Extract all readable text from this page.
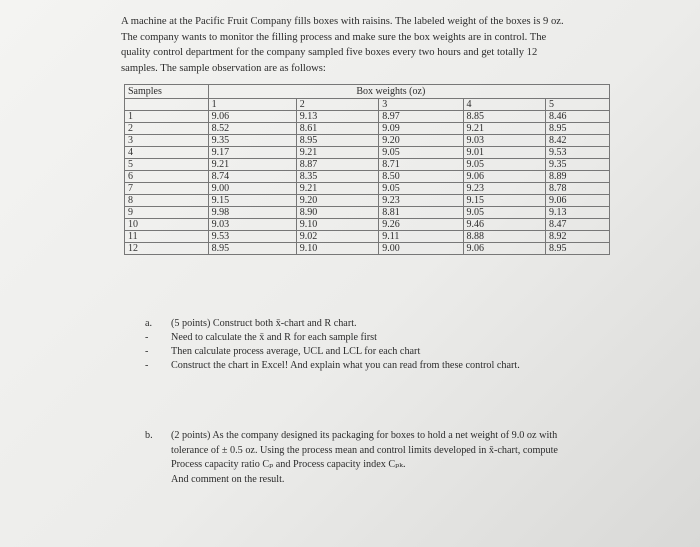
A machine at the Pacific Fruit Company fills boxes with raisins. The labeled weight of the boxes is 9 oz.
The company wants to monitor the filling process and make sure the box weights are in control. The
quality control department for the company sampled five boxes every two hours and get totally 12
samples. The sample observation are as follows:
Samples	Box weights (oz)				
	1	2	3	4	5
1	9.06	9.13	8.97	8.85	8.46
2	8.52	8.61	9.09	9.21	8.95
3	9.35	8.95	9.20	9.03	8.42
4	9.17	9.21	9.05	9.01	9.53
5	9.21	8.87	8.71	9.05	9.35
6	8.74	8.35	8.50	9.06	8.89
7	9.00	9.21	9.05	9.23	8.78
8	9.15	9.20	9.23	9.15	9.06
9	9.98	8.90	8.81	9.05	9.13
10	9.03	9.10	9.26	9.46	8.47
11	9.53	9.02	9.11	8.88	8.92
12	8.95	9.10	9.00	9.06	8.95
a.	(5 points) Construct both x̄-chart and R chart.
-	Need to calculate the x̄ and R for each sample first
-	Then calculate process average, UCL and LCL for each chart
-	Construct the chart in Excel! And explain what you can read from these control chart.
b.	(2 points) As the company designed its packaging for boxes to hold a net weight of 9.0 oz with
tolerance of ± 0.5 oz. Using the process mean and control limits developed in x̄-chart, compute
Process capacity ratio Cₚ and Process capacity index Cₚₖ.
And comment on the result.
